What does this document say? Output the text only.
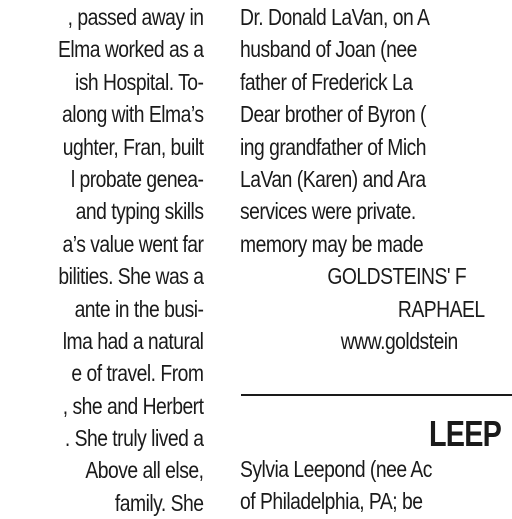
, passed away in
Elma worked as a
ish Hospital. To-
along with Elma’s
ughter, Fran, built
l probate genea-
and typing skills
a’s value went far
bilities. She was a
ante in the busi-
lma had a natural
e of travel. From
, she and Herbert
. She truly lived a
Above all else,
family. She
Dr. Donald LaVan, on A
husband of Joan (nee
father of Frederick La
Dear brother of Byron (
ing grandfather of Mich
LaVan (Karen) and Ara
services were private.
memory may be made
GOLDSTEINS' F
RAPHAEL
www.goldstein
LEEP
Sylvia Leepond (nee Ac
of Philadelphia, PA; be
